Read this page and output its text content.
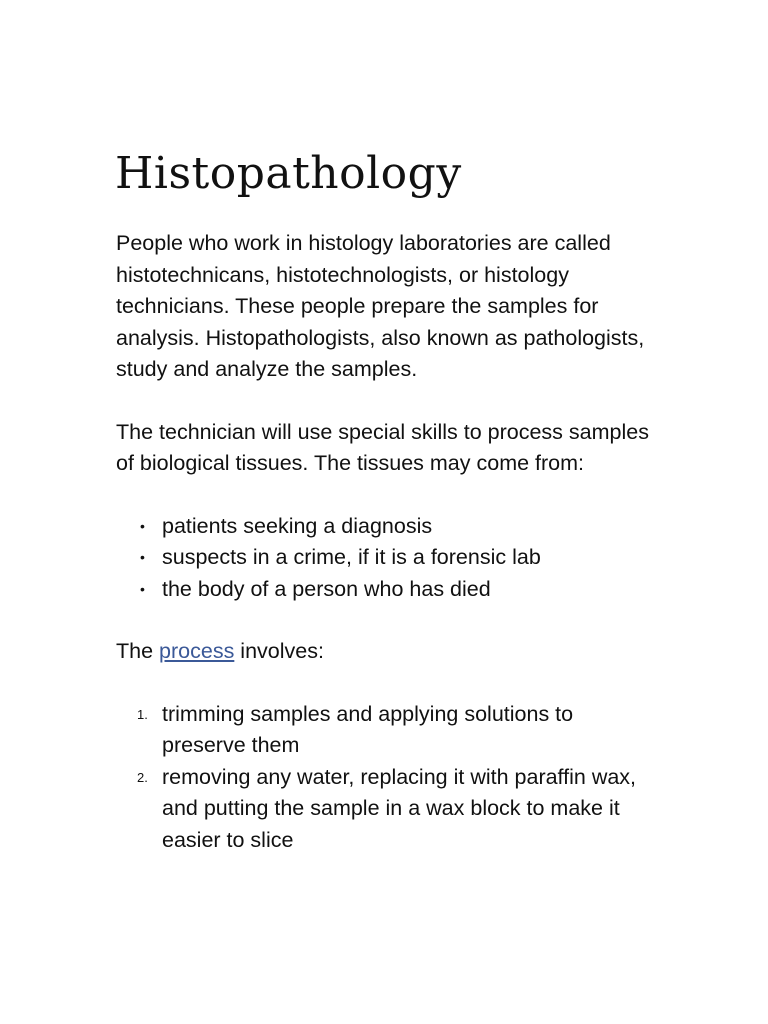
Histopathology

People who work in histology laboratories are called histotechnicans, histotechnologists, or histology technicians. These people prepare the samples for analysis. Histopathologists, also known as pathologists, study and analyze the samples.

The technician will use special skills to process samples of biological tissues. The tissues may come from:

• patients seeking a diagnosis
• suspects in a crime, if it is a forensic lab
• the body of a person who has died

The process involves:

1. trimming samples and applying solutions to preserve them
2. removing any water, replacing it with paraffin wax, and putting the sample in a wax block to make it easier to slice
